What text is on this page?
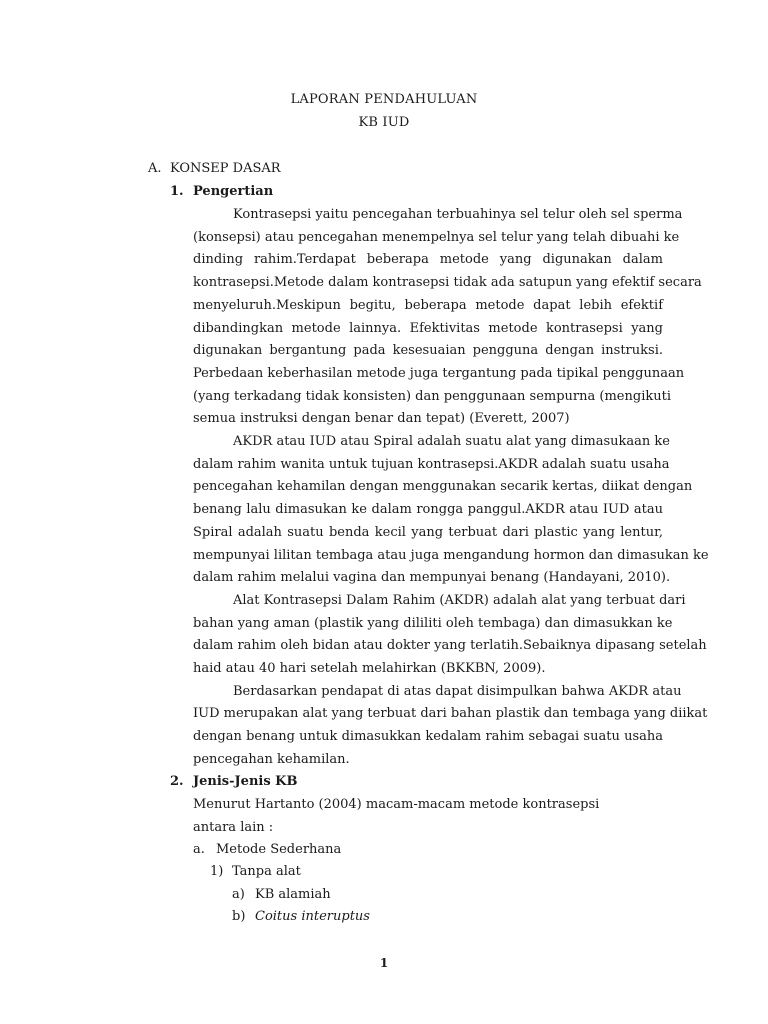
LAPORAN PENDAHULUAN
KB IUD
A. KONSEP DASAR
1. Pengertian
Kontrasepsi yaitu pencegahan terbuahinya sel telur oleh sel sperma
(konsepsi) atau pencegahan menempelnya sel telur yang telah dibuahi ke
dinding rahim.Terdapat beberapa metode yang digunakan dalam
kontrasepsi.Metode dalam kontrasepsi tidak ada satupun yang efektif secara
menyeluruh.Meskipun begitu, beberapa metode dapat lebih efektif
dibandingkan metode lainnya. Efektivitas metode kontrasepsi yang
digunakan bergantung pada kesesuaian pengguna dengan instruksi.
Perbedaan keberhasilan metode juga tergantung pada tipikal penggunaan
(yang terkadang tidak konsisten) dan penggunaan sempurna (mengikuti
semua instruksi dengan benar dan tepat) (Everett, 2007)
AKDR atau IUD atau Spiral adalah suatu alat yang dimasukaan ke
dalam rahim wanita untuk tujuan kontrasepsi.AKDR adalah suatu usaha
pencegahan kehamilan dengan menggunakan secarik kertas, diikat dengan
benang lalu dimasukan ke dalam rongga panggul.AKDR atau IUD atau
Spiral adalah suatu benda kecil yang terbuat dari plastic yang lentur,
mempunyai lilitan tembaga atau juga mengandung hormon dan dimasukan ke
dalam rahim melalui vagina dan mempunyai benang (Handayani, 2010).
Alat Kontrasepsi Dalam Rahim (AKDR) adalah alat yang terbuat dari
bahan yang aman (plastik yang dililiti oleh tembaga) dan dimasukkan ke
dalam rahim oleh bidan atau dokter yang terlatih.Sebaiknya dipasang setelah
haid atau 40 hari setelah melahirkan (BKKBN, 2009).
Berdasarkan pendapat di atas dapat disimpulkan bahwa AKDR atau
IUD merupakan alat yang terbuat dari bahan plastik dan tembaga yang diikat
dengan benang untuk dimasukkan kedalam rahim sebagai suatu usaha
pencegahan kehamilan.
2. Jenis-Jenis KB
Menurut Hartanto (2004) macam-macam metode kontrasepsi
antara lain :
a. Metode Sederhana
1) Tanpa alat
a) KB alamiah
b) Coitus interuptus
1
